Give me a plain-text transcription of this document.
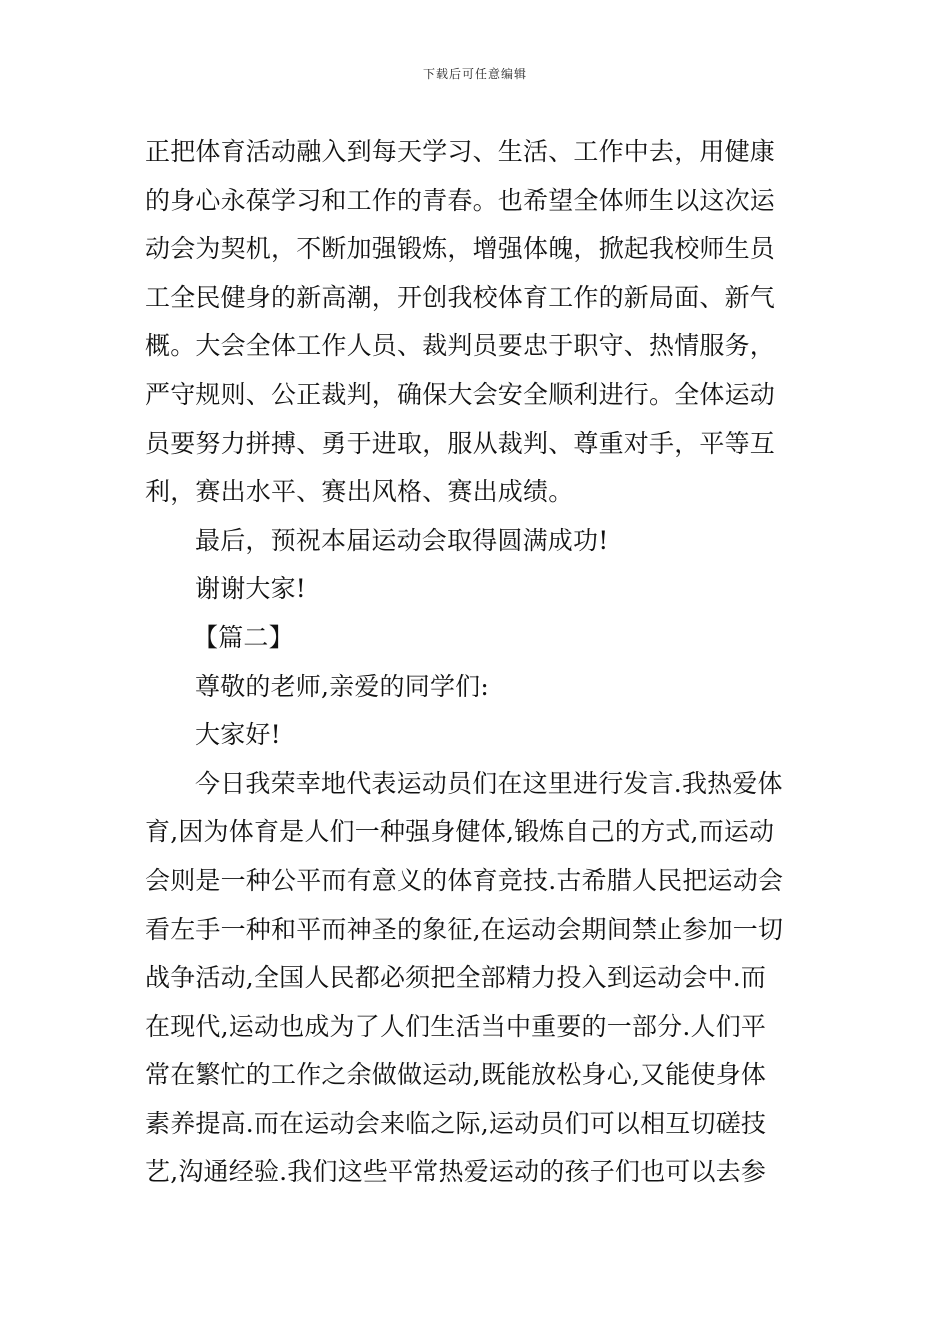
下载后可任意编辑
正把体育活动融入到每天学习、生活、工作中去，用健康
的身心永葆学习和工作的青春。也希望全体师生以这次运
动会为契机，不断加强锻炼，增强体魄，掀起我校师生员
工全民健身的新高潮，开创我校体育工作的新局面、新气
概。大会全体工作人员、裁判员要忠于职守、热情服务，
严守规则、公正裁判，确保大会安全顺利进行。全体运动
员要努力拼搏、勇于进取，服从裁判、尊重对手，平等互
利，赛出水平、赛出风格、赛出成绩。
最后，预祝本届运动会取得圆满成功!
谢谢大家!
【篇二】
尊敬的老师,亲爱的同学们:
大家好!
今日我荣幸地代表运动员们在这里进行发言.我热爱体
育,因为体育是人们一种强身健体,锻炼自己的方式,而运动
会则是一种公平而有意义的体育竞技.古希腊人民把运动会
看左手一种和平而神圣的象征,在运动会期间禁止参加一切
战争活动,全国人民都必须把全部精力投入到运动会中.而
在现代,运动也成为了人们生活当中重要的一部分.人们平
常在繁忙的工作之余做做运动,既能放松身心,又能使身体
素养提高.而在运动会来临之际,运动员们可以相互切磋技
艺,沟通经验.我们这些平常热爱运动的孩子们也可以去参
